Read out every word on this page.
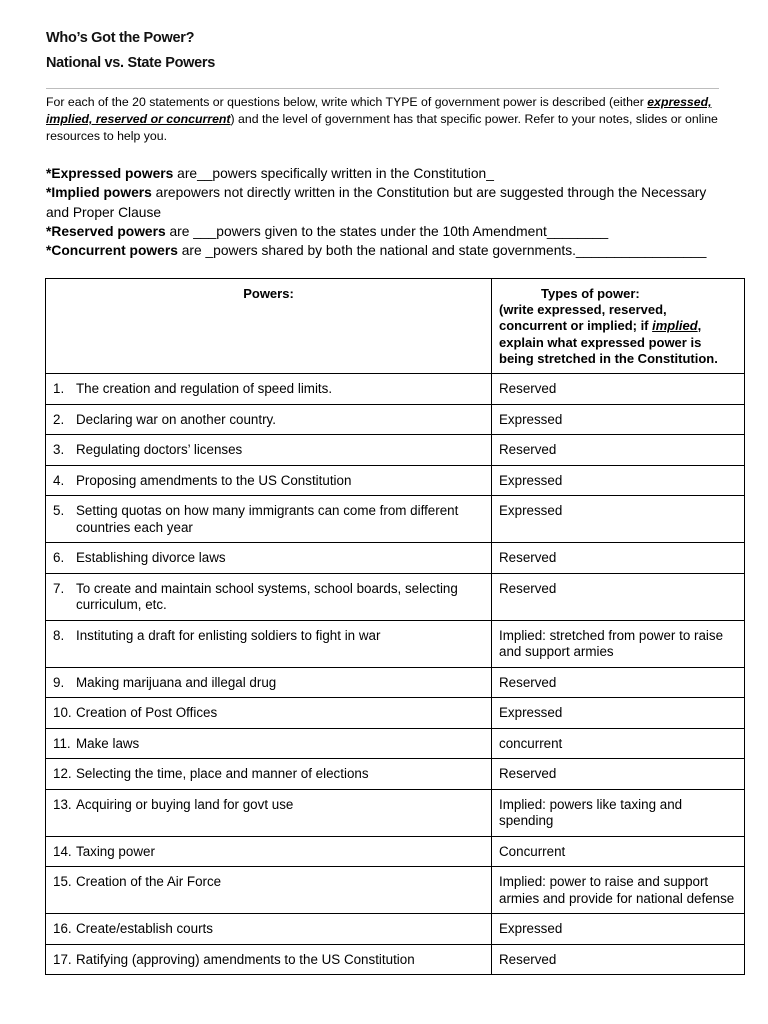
Who’s Got the Power?
National vs. State Powers
For each of the 20 statements or questions below, write which TYPE of government power is described (either expressed, implied, reserved or concurrent) and the level of government has that specific power. Refer to your notes, slides or online resources to help you.

*Expressed powers are__powers specifically written in the Constitution_

*Implied powers arepowers not directly written in the Constitution but are suggested through the Necessary and Proper Clause

*Reserved powers are ___powers given to the states under the 10th Amendment________

*Concurrent powers are _powers shared by both the national and state governments._________________

Powers:	Types of power:
(write expressed, reserved, concurrent or implied; if implied, explain what expressed power is being stretched in the Constitution.

1. The creation and regulation of speed limits.	Reserved

2. Declaring war on another country.	Expressed

3. Regulating doctors’ licenses	Reserved

4. Proposing amendments to the US Constitution	Expressed

5. Setting quotas on how many immigrants can come from different countries each year	Expressed

6. Establishing divorce laws	Reserved

7. To create and maintain school systems, school boards, selecting curriculum, etc.	Reserved

8. Instituting a draft for enlisting soldiers to fight in war	Implied: stretched from power to raise and support armies

9. Making marijuana and illegal drug	Reserved

10. Creation of Post Offices	Expressed

11. Make laws	concurrent

12. Selecting the time, place and manner of elections	Reserved

13. Acquiring or buying land for govt use	Implied: powers like taxing and spending

14. Taxing power	Concurrent

15. Creation of the Air Force	Implied: power to raise and support armies and provide for national defense

16. Create/establish courts	Expressed

17. Ratifying (approving) amendments to the US Constitution	Reserved
